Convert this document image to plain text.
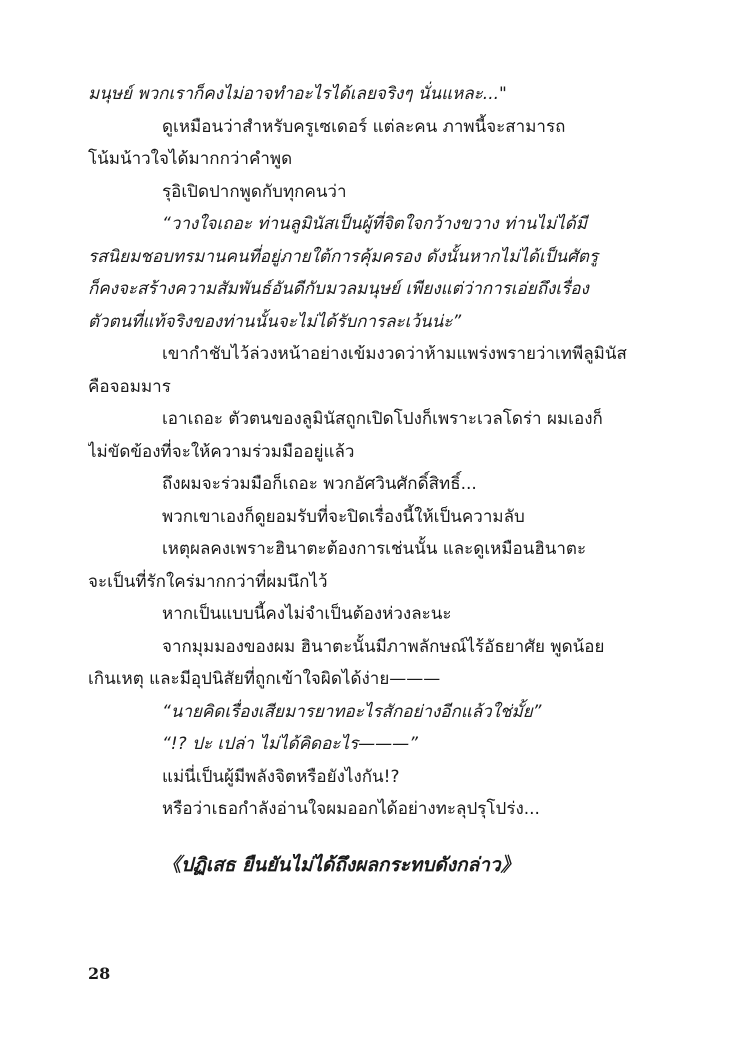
มนุษย์ พวกเราก็คงไม่อาจทำอะไรได้เลยจริงๆ นั่นแหละ..."
ดูเหมือนว่าสำหรับครูเซเดอร์ แต่ละคน ภาพนี้จะสามารถ
โน้มน้าวใจได้มากกว่าคำพูด
รุอิเปิดปากพูดกับทุกคนว่า
“วางใจเถอะ ท่านลูมินัสเป็นผู้ที่จิตใจกว้างขวาง ท่านไม่ได้มี
รสนิยมชอบทรมานคนที่อยู่ภายใต้การคุ้มครอง ดังนั้นหากไม่ได้เป็นศัตรู
ก็คงจะสร้างความสัมพันธ์อันดีกับมวลมนุษย์ เพียงแต่ว่าการเอ่ยถึงเรื่อง
ตัวตนที่แท้จริงของท่านนั้นจะไม่ได้รับการละเว้นน่ะ”
เขากำชับไว้ล่วงหน้าอย่างเข้มงวดว่าห้ามแพร่งพรายว่าเทพีลูมินัส
คือจอมมาร
เอาเถอะ ตัวตนของลูมินัสถูกเปิดโปงก็เพราะเวลโดร่า ผมเองก็
ไม่ขัดข้องที่จะให้ความร่วมมืออยู่แล้ว
ถึงผมจะร่วมมือก็เถอะ พวกอัศวินศักดิ์สิทธิ์...
พวกเขาเองก็ดูยอมรับที่จะปิดเรื่องนี้ให้เป็นความลับ
เหตุผลคงเพราะฮินาตะต้องการเช่นนั้น และดูเหมือนฮินาตะ
จะเป็นที่รักใคร่มากกว่าที่ผมนึกไว้
หากเป็นแบบนี้คงไม่จำเป็นต้องห่วงละนะ
จากมุมมองของผม ฮินาตะนั้นมีภาพลักษณ์ไร้อัธยาศัย พูดน้อย
เกินเหตุ และมีอุปนิสัยที่ถูกเข้าใจผิดได้ง่าย———
“นายคิดเรื่องเสียมารยาทอะไรสักอย่างอีกแล้วใช่มั้ย”
“!? ปะ เปล่า ไม่ได้คิดอะไร———”
แม่นี่เป็นผู้มีพลังจิตหรือยังไงกัน!?
หรือว่าเธอกำลังอ่านใจผมออกได้อย่างทะลุปรุโปร่ง...
《ปฏิเสธ ยืนยันไม่ได้ถึงผลกระทบดังกล่าว》
28
